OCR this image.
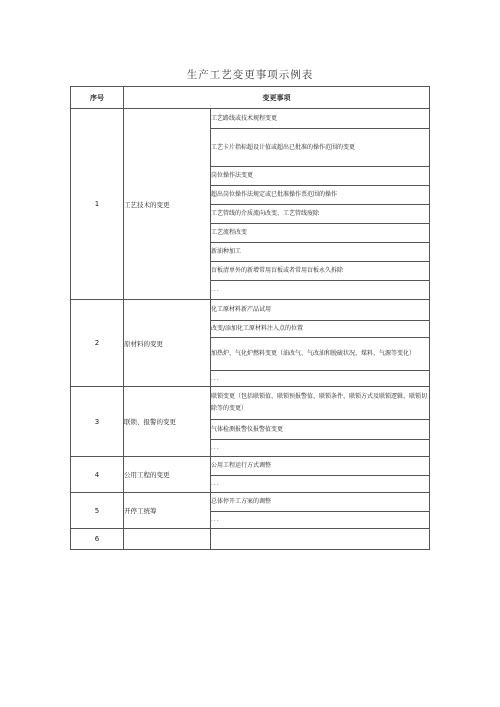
生产工艺变更事项示例表
序号	变更事项	
1	工艺技术的变更	工艺路线或技术规程变更
		工艺卡片指标超设计值或超出已批准的操作范围的变更
		岗位操作法变更
		超出岗位操作法规定或已批准操作票范围的操作
		工艺管线的介质流向改变、工艺管线废除
		工艺流程改变
		新油种加工
		盲板清单外的新增常用盲板或者常用盲板永久拆除
		...
2	原材料的变更	化工原材料新产品试用
		改变/添加化工原材料注入点的位置
		加热炉、气化炉燃料变更（油改气、气改油和脱硫状况、煤料、气源等变化）
		...
3	联锁、报警的变更	联锁变更（包括联锁值、联锁预报警值、联锁条件、联锁方式及联锁逻辑、联锁切除等的变更）
		气体检测报警仪报警值变更
		...
4	公用工程的变更	公用工程运行方式调整
		...
5	开停工统筹	总体停开工方案的调整
		...
6		
